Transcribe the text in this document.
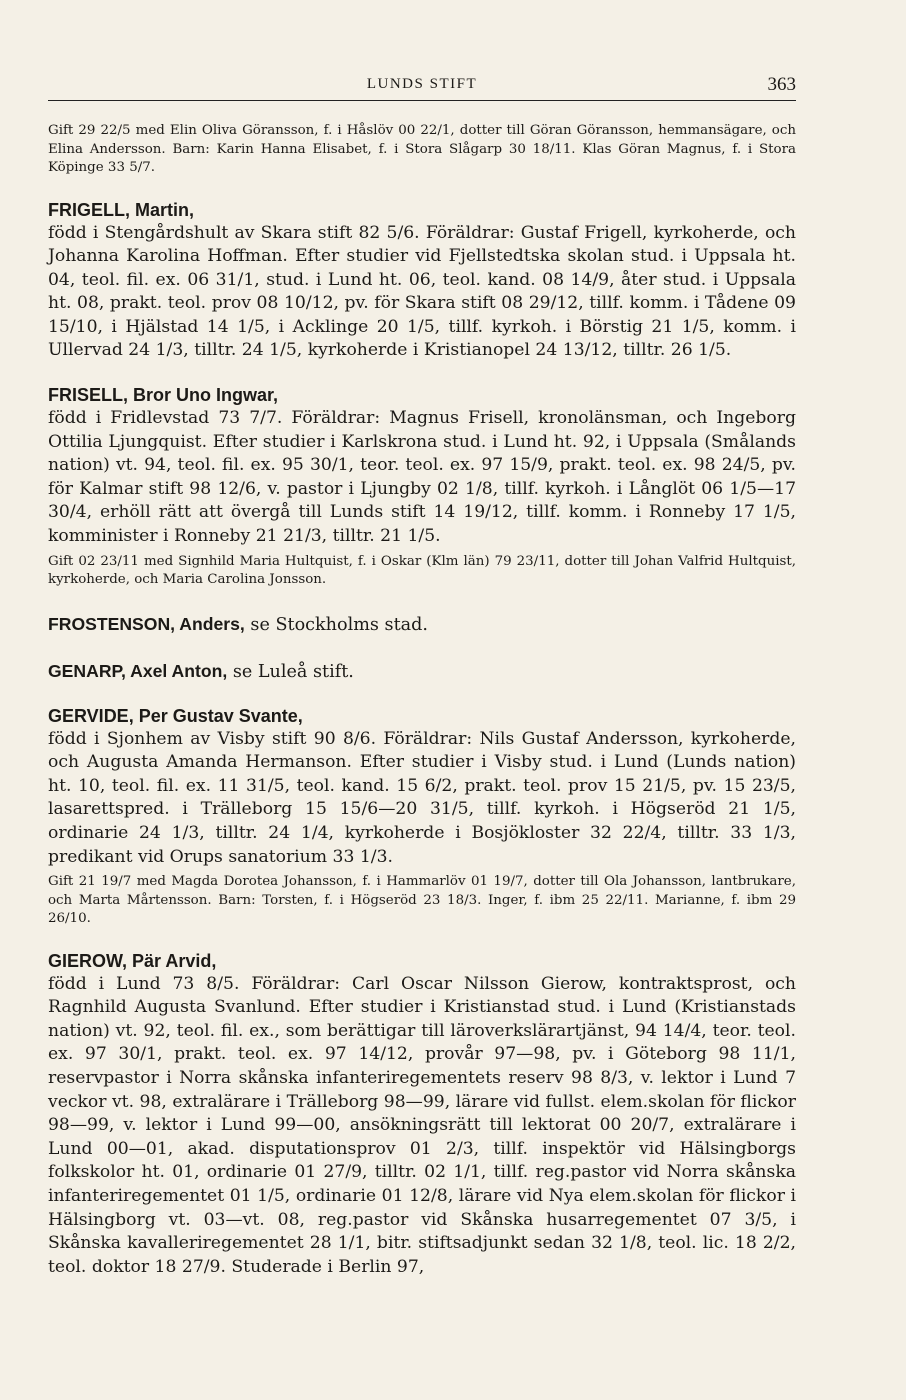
LUNDS STIFT	363

Gift 29 22/5 med Elin Oliva Göransson, f. i Håslöv 00 22/1, dotter till Göran Göransson, hemmansägare, och Elina Andersson. Barn: Karin Hanna Elisabet, f. i Stora Slågarp 30 18/11. Klas Göran Magnus, f. i Stora Köpinge 33 5/7.

FRIGELL, Martin,

född i Stengårdshult av Skara stift 82 5/6. Föräldrar: Gustaf Frigell, kyrkoherde, och Johanna Karolina Hoffman. Efter studier vid Fjellstedtska skolan stud. i Uppsala ht. 04, teol. fil. ex. 06 31/1, stud. i Lund ht. 06, teol. kand. 08 14/9, åter stud. i Uppsala ht. 08, prakt. teol. prov 08 10/12, pv. för Skara stift 08 29/12, tillf. komm. i Tådene 09 15/10, i Hjälstad 14 1/5, i Acklinge 20 1/5, tillf. kyrkoh. i Börstig 21 1/5, komm. i Ullervad 24 1/3, tilltr. 24 1/5, kyrkoherde i Kristianopel 24 13/12, tilltr. 26 1/5.

FRISELL, Bror Uno Ingwar,

född i Fridlevstad 73 7/7. Föräldrar: Magnus Frisell, kronolänsman, och Ingeborg Ottilia Ljungquist. Efter studier i Karlskrona stud. i Lund ht. 92, i Uppsala (Smålands nation) vt. 94, teol. fil. ex. 95 30/1, teor. teol. ex. 97 15/9, prakt. teol. ex. 98 24/5, pv. för Kalmar stift 98 12/6, v. pastor i Ljungby 02 1/8, tillf. kyrkoh. i Långlöt 06 1/5—17 30/4, erhöll rätt att övergå till Lunds stift 14 19/12, tillf. komm. i Ronneby 17 1/5, komminister i Ronneby 21 21/3, tilltr. 21 1/5.

Gift 02 23/11 med Signhild Maria Hultquist, f. i Oskar (Klm län) 79 23/11, dotter till Johan Valfrid Hultquist, kyrkoherde, och Maria Carolina Jonsson.

FROSTENSON, Anders, se Stockholms stad.

GENARP, Axel Anton, se Luleå stift.

GERVIDE, Per Gustav Svante,

född i Sjonhem av Visby stift 90 8/6. Föräldrar: Nils Gustaf Andersson, kyrkoherde, och Augusta Amanda Hermanson. Efter studier i Visby stud. i Lund (Lunds nation) ht. 10, teol. fil. ex. 11 31/5, teol. kand. 15 6/2, prakt. teol. prov 15 21/5, pv. 15 23/5, lasarettspred. i Trälleborg 15 15/6—20 31/5, tillf. kyrkoh. i Högseröd 21 1/5, ordinarie 24 1/3, tilltr. 24 1/4, kyrkoherde i Bosjökloster 32 22/4, tilltr. 33 1/3, predikant vid Orups sanatorium 33 1/3.

Gift 21 19/7 med Magda Dorotea Johansson, f. i Hammarlöv 01 19/7, dotter till Ola Johansson, lantbrukare, och Marta Mårtensson. Barn: Torsten, f. i Högseröd 23 18/3. Inger, f. ibm 25 22/11. Marianne, f. ibm 29 26/10.

GIEROW, Pär Arvid,

född i Lund 73 8/5. Föräldrar: Carl Oscar Nilsson Gierow, kontraktsprost, och Ragnhild Augusta Svanlund. Efter studier i Kristianstad stud. i Lund (Kristianstads nation) vt. 92, teol. fil. ex., som berättigar till läroverkslärartjänst, 94 14/4, teor. teol. ex. 97 30/1, prakt. teol. ex. 97 14/12, provår 97—98, pv. i Göteborg 98 11/1, reservpastor i Norra skånska infanteriregementets reserv 98 8/3, v. lektor i Lund 7 veckor vt. 98, extralärare i Trälleborg 98—99, lärare vid fullst. elem.skolan för flickor 98—99, v. lektor i Lund 99—00, ansökningsrätt till lektorat 00 20/7, extralärare i Lund 00—01, akad. disputationsprov 01 2/3, tillf. inspektör vid Hälsingborgs folkskolor ht. 01, ordinarie 01 27/9, tilltr. 02 1/1, tillf. reg.pastor vid Norra skånska infanteriregementet 01 1/5, ordinarie 01 12/8, lärare vid Nya elem.skolan för flickor i Hälsingborg vt. 03—vt. 08, reg.pastor vid Skånska husarregementet 07 3/5, i Skånska kavalleriregementet 28 1/1, bitr. stiftsadjunkt sedan 32 1/8, teol. lic. 18 2/2, teol. doktor 18 27/9. Studerade i Berlin 97,
